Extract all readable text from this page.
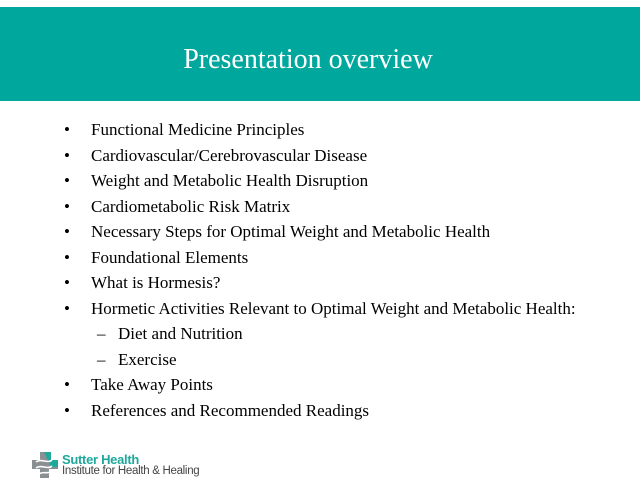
Presentation overview
• Functional Medicine Principles
• Cardiovascular/Cerebrovascular Disease
• Weight and Metabolic Health Disruption
• Cardiometabolic Risk Matrix
• Necessary Steps for Optimal Weight and Metabolic Health
• Foundational Elements
• What is Hormesis?
• Hormetic Activities Relevant to Optimal Weight and Metabolic Health:
– Diet and Nutrition
– Exercise
• Take Away Points
• References and Recommended Readings
Sutter Health
Institute for Health & Healing
